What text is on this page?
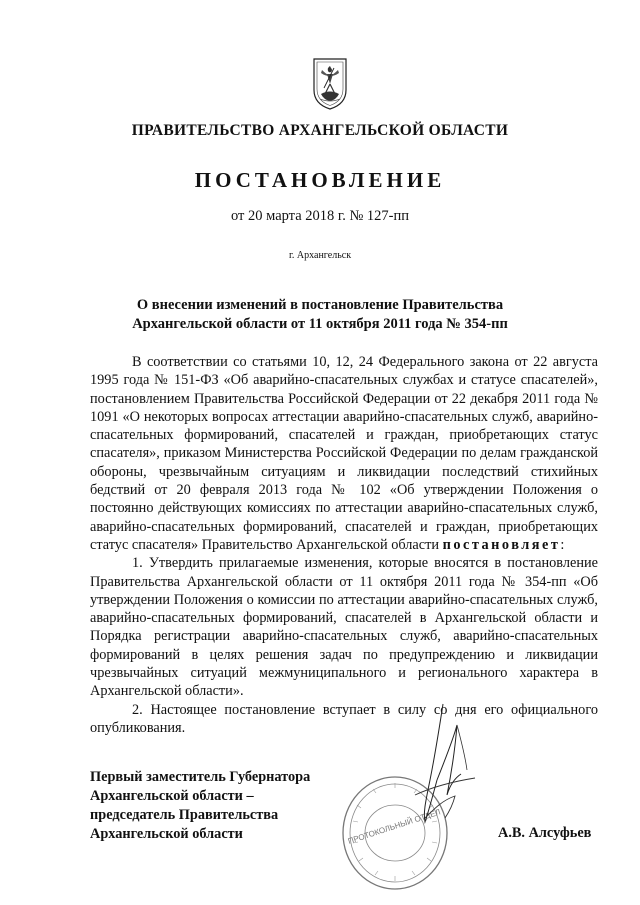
ПРАВИТЕЛЬСТВО АРХАНГЕЛЬСКОЙ ОБЛАСТИ
ПОСТАНОВЛЕНИЕ
от 20 марта 2018 г. № 127-пп
г. Архангельск
О внесении изменений в постановление Правительства
Архангельской области от 11 октября 2011 года № 354-пп

В соответствии со статьями 10, 12, 24 Федерального закона от 22 августа 1995 года № 151-ФЗ «Об аварийно-спасательных службах и статусе спасателей», постановлением Правительства Российской Федерации от 22 декабря 2011 года № 1091 «О некоторых вопросах аттестации аварийно-спасательных служб, аварийно-спасательных формирований, спасателей и граждан, приобретающих статус спасателя», приказом Министерства Российской Федерации по делам гражданской обороны, чрезвычайным ситуациям и ликвидации последствий стихийных бедствий от 20 февраля 2013 года № 102 «Об утверждении Положения о постоянно действующих комиссиях по аттестации аварийно-спасательных служб, аварийно-спасательных формирований, спасателей и граждан, приобретающих статус спасателя» Правительство Архангельской области постановляет:

1. Утвердить прилагаемые изменения, которые вносятся в постановление Правительства Архангельской области от 11 октября 2011 года № 354-пп «Об утверждении Положения о комиссии по аттестации аварийно-спасательных служб, аварийно-спасательных формирований, спасателей в Архангельской области и Порядка регистрации аварийно-спасательных служб, аварийно-спасательных формирований в целях решения задач по предупреждению и ликвидации чрезвычайных ситуаций межмуниципального и регионального характера в Архангельской области».

2. Настоящее постановление вступает в силу со дня его официального опубликования.

Первый заместитель Губернатора
Архангельской области –
председатель Правительства
Архангельской области	А.В. Алсуфьев
ПРОТОКОЛЬНЫЙ ОТДЕЛ
